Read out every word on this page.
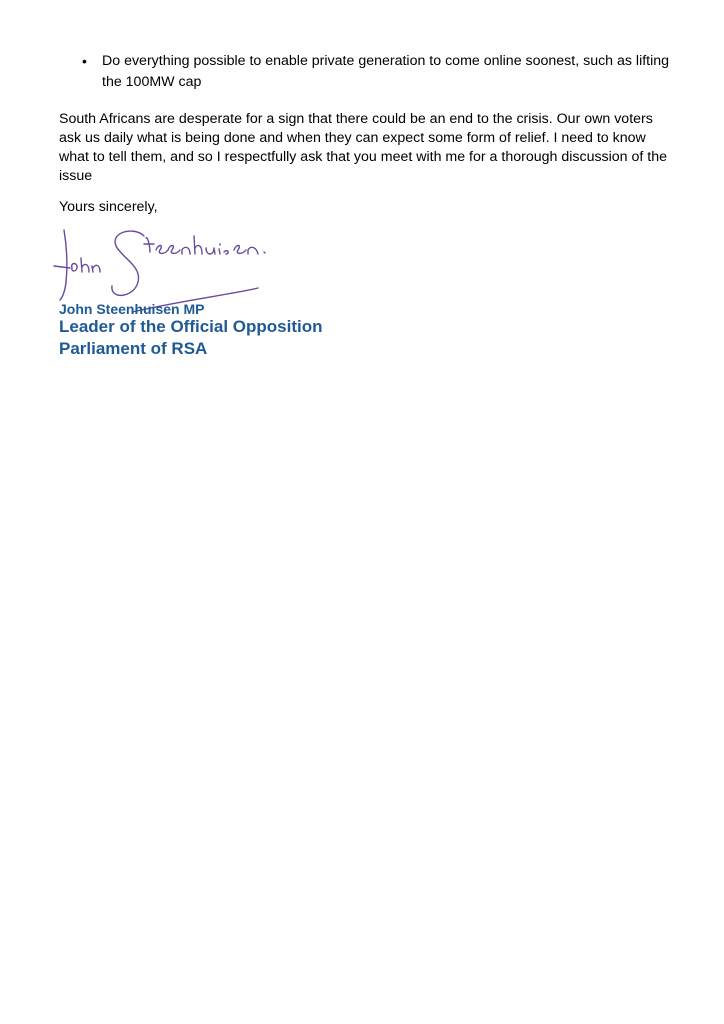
• Do everything possible to enable private generation to come online soonest, such as lifting the 100MW cap

South Africans are desperate for a sign that there could be an end to the crisis. Our own voters ask us daily what is being done and when they can expect some form of relief. I need to know what to tell them, and so I respectfully ask that you meet with me for a thorough discussion of the issue

Yours sincerely,

John Steenhuisen MP

Leader of the Official Opposition

Parliament of RSA
